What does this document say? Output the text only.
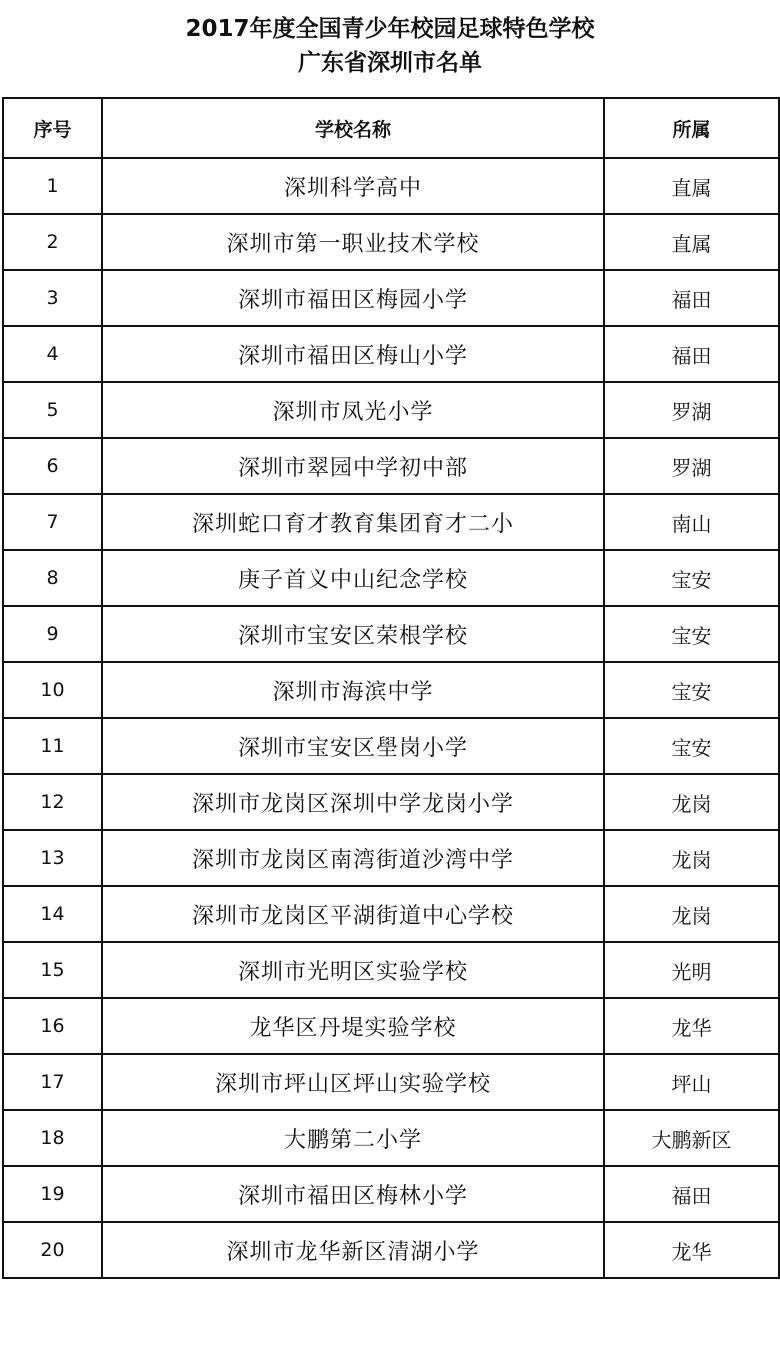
2017年度全国青少年校园足球特色学校
广东省深圳市名单
序号	学校名称	所属
1	深圳科学高中	直属
2	深圳市第一职业技术学校	直属
3	深圳市福田区梅园小学	福田
4	深圳市福田区梅山小学	福田
5	深圳市凤光小学	罗湖
6	深圳市翠园中学初中部	罗湖
7	深圳蛇口育才教育集团育才二小	南山
8	庚子首义中山纪念学校	宝安
9	深圳市宝安区荣根学校	宝安
10	深圳市海滨中学	宝安
11	深圳市宝安区壆岗小学	宝安
12	深圳市龙岗区深圳中学龙岗小学	龙岗
13	深圳市龙岗区南湾街道沙湾中学	龙岗
14	深圳市龙岗区平湖街道中心学校	龙岗
15	深圳市光明区实验学校	光明
16	龙华区丹堤实验学校	龙华
17	深圳市坪山区坪山实验学校	坪山
18	大鹏第二小学	大鹏新区
19	深圳市福田区梅林小学	福田
20	深圳市龙华新区清湖小学	龙华
